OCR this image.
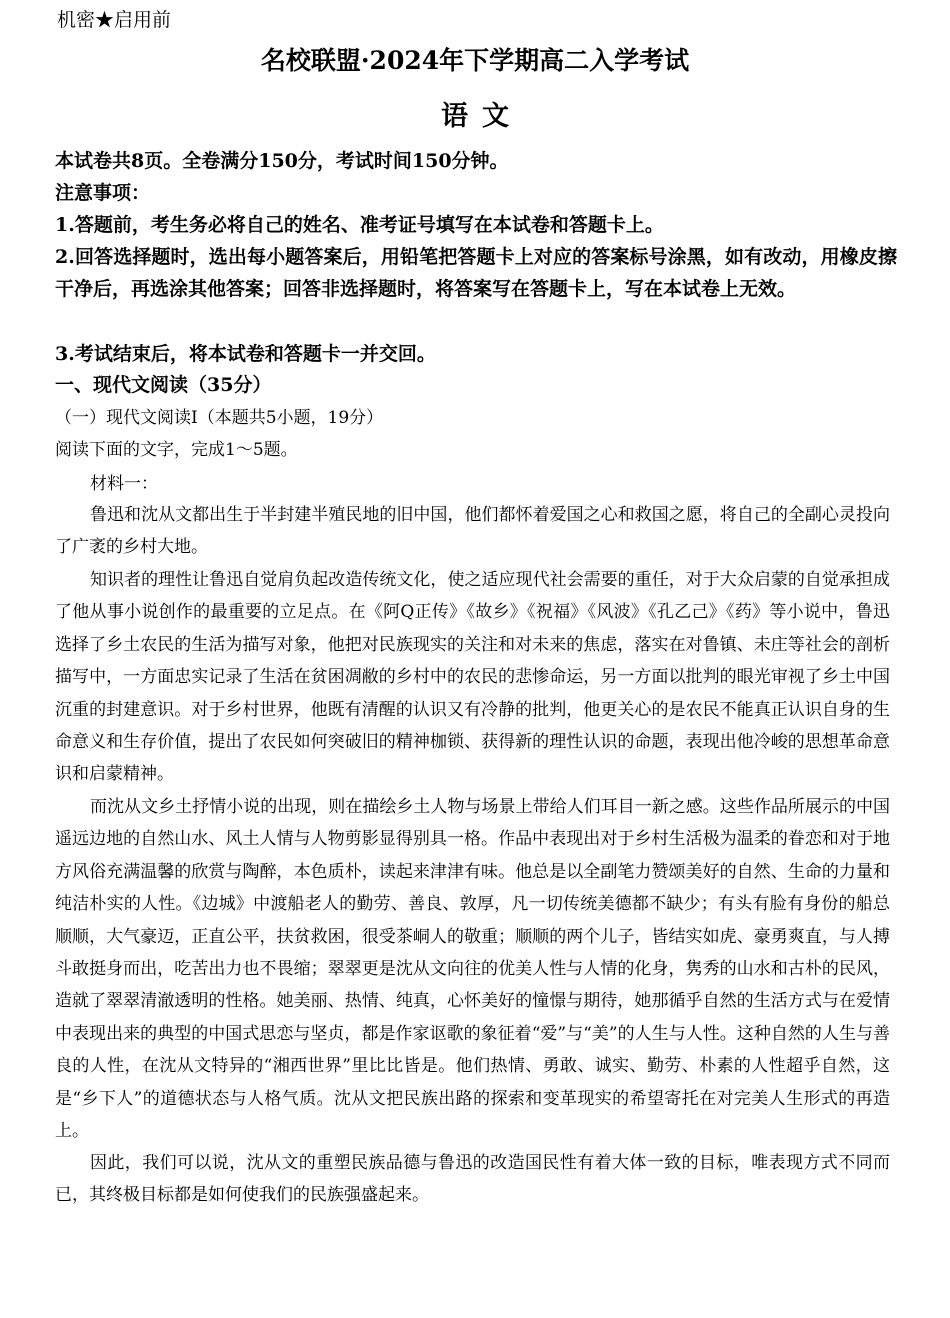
机密★启用前
名校联盟·2024年下学期高二入学考试
语文
本试卷共8页。全卷满分150分，考试时间150分钟。
注意事项：
1.答题前，考生务必将自己的姓名、准考证号填写在本试卷和答题卡上。
2.回答选择题时，选出每小题答案后，用铅笔把答题卡上对应的答案标号涂黑，如有改动，用橡皮擦干净后，再选涂其他答案；回答非选择题时，将答案写在答题卡上，写在本试卷上无效。
3.考试结束后，将本试卷和答题卡一并交回。
一、现代文阅读（35分）
（一）现代文阅读Ⅰ（本题共5小题，19分）
阅读下面的文字，完成1～5题。
材料一：

鲁迅和沈从文都出生于半封建半殖民地的旧中国，他们都怀着爱国之心和救国之愿，将自己的全副心灵投向了广袤的乡村大地。

知识者的理性让鲁迅自觉肩负起改造传统文化，使之适应现代社会需要的重任，对于大众启蒙的自觉承担成了他从事小说创作的最重要的立足点。在《阿Q正传》《故乡》《祝福》《风波》《孔乙己》《药》等小说中，鲁迅选择了乡土农民的生活为描写对象，他把对民族现实的关注和对未来的焦虑，落实在对鲁镇、未庄等社会的剖析描写中，一方面忠实记录了生活在贫困凋敝的乡村中的农民的悲惨命运，另一方面以批判的眼光审视了乡土中国沉重的封建意识。对于乡村世界，他既有清醒的认识又有冷静的批判，他更关心的是农民不能真正认识自身的生命意义和生存价值，提出了农民如何突破旧的精神枷锁、获得新的理性认识的命题，表现出他冷峻的思想革命意识和启蒙精神。

而沈从文乡土抒情小说的出现，则在描绘乡土人物与场景上带给人们耳目一新之感。这些作品所展示的中国遥远边地的自然山水、风土人情与人物剪影显得别具一格。作品中表现出对于乡村生活极为温柔的眷恋和对于地方风俗充满温馨的欣赏与陶醉，本色质朴，读起来津津有味。他总是以全副笔力赞颂美好的自然、生命的力量和纯洁朴实的人性。《边城》中渡船老人的勤劳、善良、敦厚，凡一切传统美德都不缺少；有头有脸有身份的船总顺顺，大气豪迈，正直公平，扶贫救困，很受茶峒人的敬重；顺顺的两个儿子，皆结实如虎、豪勇爽直，与人搏斗敢挺身而出，吃苦出力也不畏缩；翠翠更是沈从文向往的优美人性与人情的化身，隽秀的山水和古朴的民风，造就了翠翠清澈透明的性格。她美丽、热情、纯真，心怀美好的憧憬与期待，她那循乎自然的生活方式与在爱情中表现出来的典型的中国式思恋与坚贞，都是作家讴歌的象征着“爱”与“美”的人生与人性。这种自然的人生与善良的人性，在沈从文特异的“湘西世界”里比比皆是。他们热情、勇敢、诚实、勤劳、朴素的人性超乎自然，这是“乡下人”的道德状态与人格气质。沈从文把民族出路的探索和变革现实的希望寄托在对完美人生形式的再造上。

因此，我们可以说，沈从文的重塑民族品德与鲁迅的改造国民性有着大体一致的目标，唯表现方式不同而已，其终极目标都是如何使我们的民族强盛起来。
